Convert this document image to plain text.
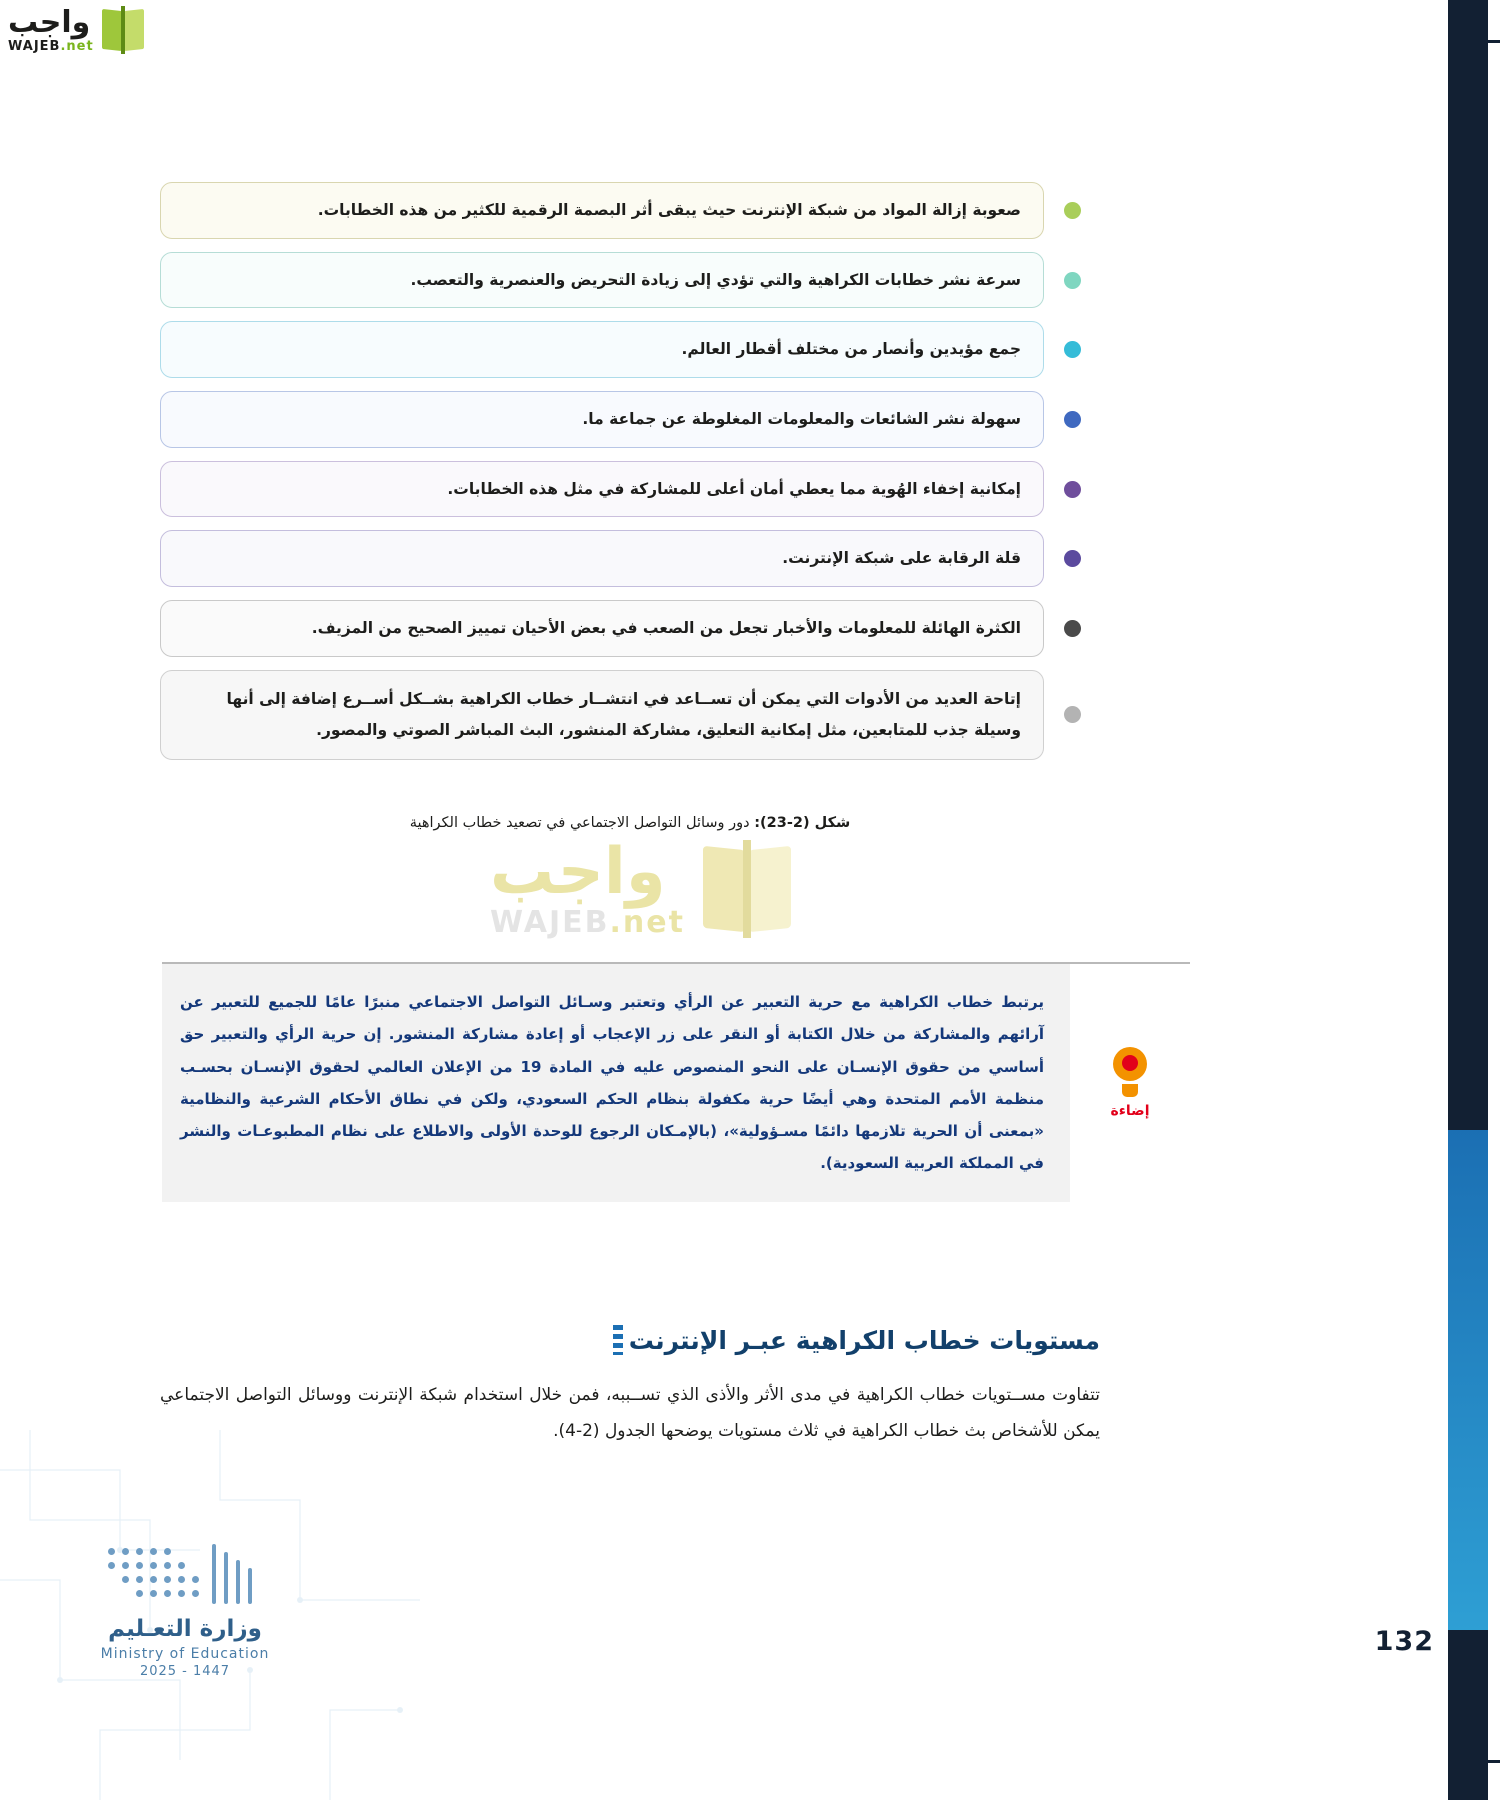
132
واجب
WAJEB.net
صعوبة إزالة المواد من شبكة الإنترنت حيث يبقى أثر البصمة الرقمية للكثير من هذه الخطابات.
سرعة نشر خطابات الكراهية والتي تؤدي إلى زيادة التحريض والعنصرية والتعصب.
جمع مؤيدين وأنصار من مختلف أقطار العالم.
سهولة نشر الشائعات والمعلومات المغلوطة عن جماعة ما.
إمكانية إخفاء الهُوية مما يعطي أمان أعلى للمشاركة في مثل هذه الخطابات.
قلة الرقابة على شبكة الإنترنت.
الكثرة الهائلة للمعلومات والأخبار تجعل من الصعب في بعض الأحيان تمييز الصحيح من المزيف.
إتاحة العديد من الأدوات التي يمكن أن تســاعد في انتشــار خطاب الكراهية بشــكل أســرع إضافة إلى أنها وسيلة جذب للمتابعين، مثل إمكانية التعليق، مشاركة المنشور، البث المباشر الصوتي والمصور.
شكل (2-23): دور وسائل التواصل الاجتماعي في تصعيد خطاب الكراهية
واجب
WAJEB.net
يرتبط خطاب الكراهية مع حرية التعبير عن الرأي وتعتبر وسـائل التواصل الاجتماعي منبرًا عامًا للجميع للتعبير عن آرائهم والمشاركة من خلال الكتابة أو النقر على زر الإعجاب أو إعادة مشاركة المنشور. إن حرية الرأي والتعبير حق أساسي من حقوق الإنسـان على النحو المنصوص عليه في المادة 19 من الإعلان العالمي لحقوق الإنسـان بحسـب منظمة الأمم المتحدة وهي أيضًا حرية مكفولة بنظام الحكم السعودي، ولكن في نطاق الأحكام الشرعية والنظامية «بمعنى أن الحرية تلازمها دائمًا مسـؤولية»، (بالإمـكان الرجوع للوحدة الأولى والاطلاع على نظام المطبوعـات والنشر في المملكة العربية السعودية).
إضاءة
مستويات خطاب الكراهية عبـر الإنترنت
تتفاوت مســتويات خطاب الكراهية في مدى الأثر والأذى الذي تســببه، فمن خلال استخدام شبكة الإنترنت ووسائل التواصل الاجتماعي يمكن للأشخاص بث خطاب الكراهية في ثلاث مستويات يوضحها الجدول (2-4).
وزارة التعـليم
Ministry of Education
2025 - 1447
